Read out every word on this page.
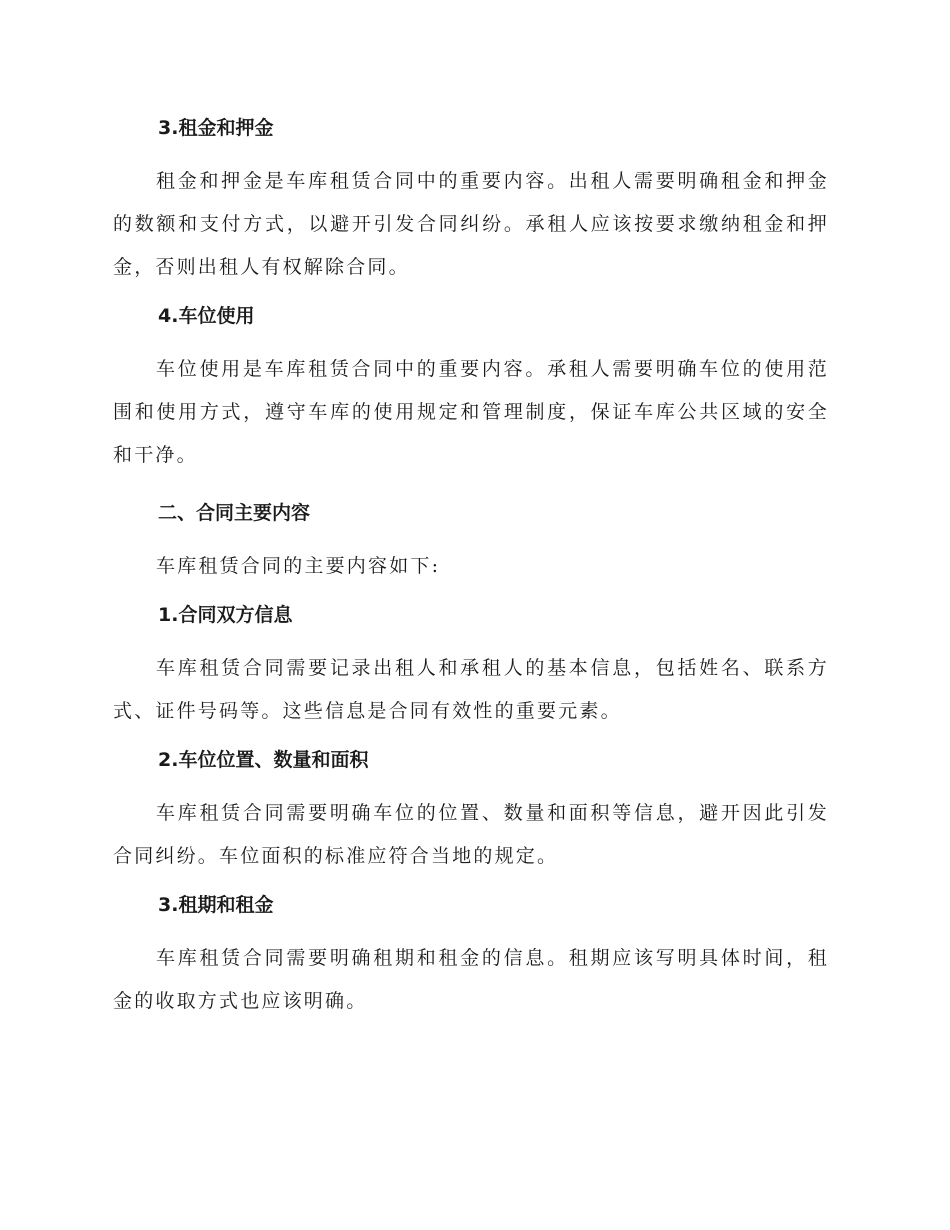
3.租金和押金

租金和押金是车库租赁合同中的重要内容。出租人需要明确租金和押金的数额和支付方式，以避开引发合同纠纷。承租人应该按要求缴纳租金和押金，否则出租人有权解除合同。

4.车位使用

车位使用是车库租赁合同中的重要内容。承租人需要明确车位的使用范围和使用方式，遵守车库的使用规定和管理制度，保证车库公共区域的安全和干净。

二、合同主要内容

车库租赁合同的主要内容如下:

1.合同双方信息

车库租赁合同需要记录出租人和承租人的基本信息，包括姓名、联系方式、证件号码等。这些信息是合同有效性的重要元素。

2.车位位置、数量和面积

车库租赁合同需要明确车位的位置、数量和面积等信息，避开因此引发合同纠纷。车位面积的标准应符合当地的规定。

3.租期和租金

车库租赁合同需要明确租期和租金的信息。租期应该写明具体时间，租金的收取方式也应该明确。
